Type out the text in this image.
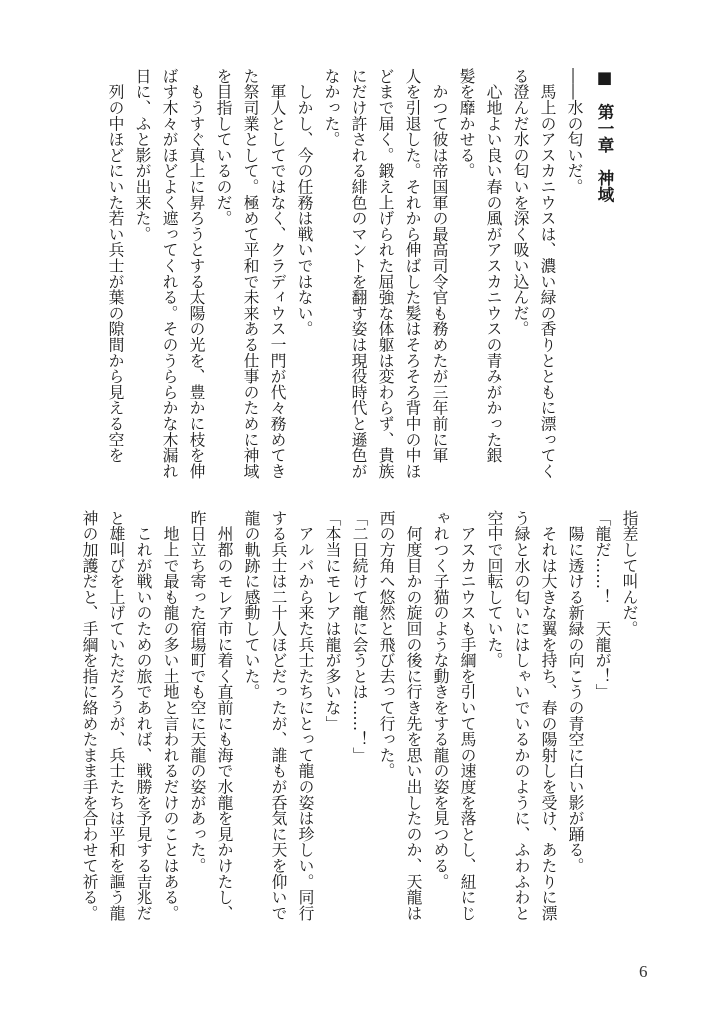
■　第一章　神域
――水の匂いだ。
　馬上のアスカニウスは、濃い緑の香りとともに漂ってく
る澄んだ水の匂いを深く吸い込んだ。
　心地よい良い春の風がアスカニウスの青みがかった銀
髪を靡かせる。
　かつて彼は帝国軍の最高司令官も務めたが三年前に軍
人を引退した。それから伸ばした髪はそろそろ背中の中ほ
どまで届く。鍛え上げられた屈強な体躯は変わらず、貴族
にだけ許される緋色のマントを翻す姿は現役時代と遜色が
なかった。
　しかし、今の任務は戦いではない。
　軍人としてではなく、クラディウス一門が代々務めてき
た祭司業として。極めて平和で未来ある仕事のために神域
を目指しているのだ。
　もうすぐ真上に昇ろうとする太陽の光を、豊かに枝を伸
ばす木々がほどよく遮ってくれる。そのうららかな木漏れ
日に、ふと影が出来た。
　列の中ほどにいた若い兵士が葉の隙間から見える空を
指差して叫んだ。
「龍だ……！　天龍が！」
　陽に透ける新緑の向こうの青空に白い影が踊る。
　それは大きな翼を持ち、春の陽射しを受け、あたりに漂
う緑と水の匂いにはしゃいでいるかのように、ふわふわと
空中で回転していた。
　アスカニウスも手綱を引いて馬の速度を落とし、紐にじ
ゃれつく子猫のような動きをする龍の姿を見つめる。
　何度目かの旋回の後に行き先を思い出したのか、天龍は
西の方角へ悠然と飛び去って行った。
「二日続けて龍に会うとは……！」
「本当にモレアは龍が多いな」
　アルバから来た兵士たちにとって龍の姿は珍しい。同行
する兵士は二十人ほどだったが、誰もが呑気に天を仰いで
龍の軌跡に感動していた。
　州都のモレア市に着く直前にも海で水龍を見かけたし、
昨日立ち寄った宿場町でも空に天龍の姿があった。
　地上で最も龍の多い土地と言われるだけのことはある。
　これが戦いのための旅であれば、戦勝を予見する吉兆だ
と雄叫びを上げていただろうが、兵士たちは平和を謳う龍
神の加護だと、手綱を指に絡めたまま手を合わせて祈る。
6
